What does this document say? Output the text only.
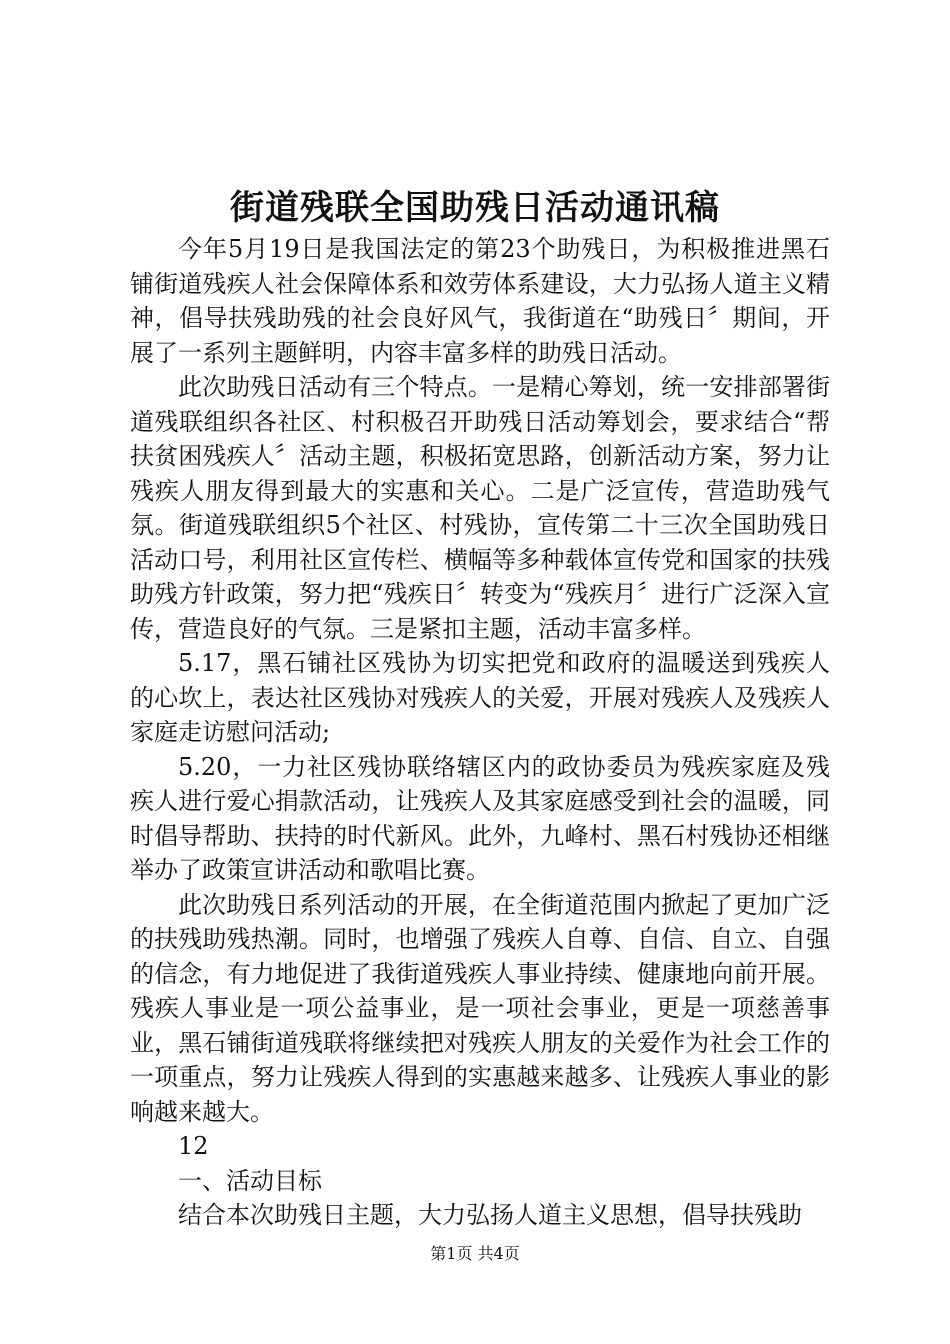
街道残联全国助残日活动通讯稿

今年5月19日是我国法定的第23个助残日，为积极推进黑石铺街道残疾人社会保障体系和效劳体系建设，大力弘扬人道主义精神，倡导扶残助残的社会良好风气，我街道在“助残日〞期间，开展了一系列主题鲜明，内容丰富多样的助残日活动。

此次助残日活动有三个特点。一是精心筹划，统一安排部署街道残联组织各社区、村积极召开助残日活动筹划会，要求结合“帮扶贫困残疾人〞活动主题，积极拓宽思路，创新活动方案，努力让残疾人朋友得到最大的实惠和关心。二是广泛宣传，营造助残气氛。街道残联组织5个社区、村残协，宣传第二十三次全国助残日活动口号，利用社区宣传栏、横幅等多种载体宣传党和国家的扶残助残方针政策，努力把“残疾日〞转变为“残疾月〞进行广泛深入宣传，营造良好的气氛。三是紧扣主题，活动丰富多样。

5.17，黑石铺社区残协为切实把党和政府的温暖送到残疾人的心坎上，表达社区残协对残疾人的关爱，开展对残疾人及残疾人家庭走访慰问活动;

5.20，一力社区残协联络辖区内的政协委员为残疾家庭及残疾人进行爱心捐款活动，让残疾人及其家庭感受到社会的温暖，同时倡导帮助、扶持的时代新风。此外，九峰村、黑石村残协还相继举办了政策宣讲活动和歌唱比赛。

此次助残日系列活动的开展，在全街道范围内掀起了更加广泛的扶残助残热潮。同时，也增强了残疾人自尊、自信、自立、自强的信念，有力地促进了我街道残疾人事业持续、健康地向前开展。残疾人事业是一项公益事业，是一项社会事业，更是一项慈善事业，黑石铺街道残联将继续把对残疾人朋友的关爱作为社会工作的一项重点，努力让残疾人得到的实惠越来越多、让残疾人事业的影响越来越大。

12

一、活动目标

结合本次助残日主题，大力弘扬人道主义思想，倡导扶残助

第1页 共4页
